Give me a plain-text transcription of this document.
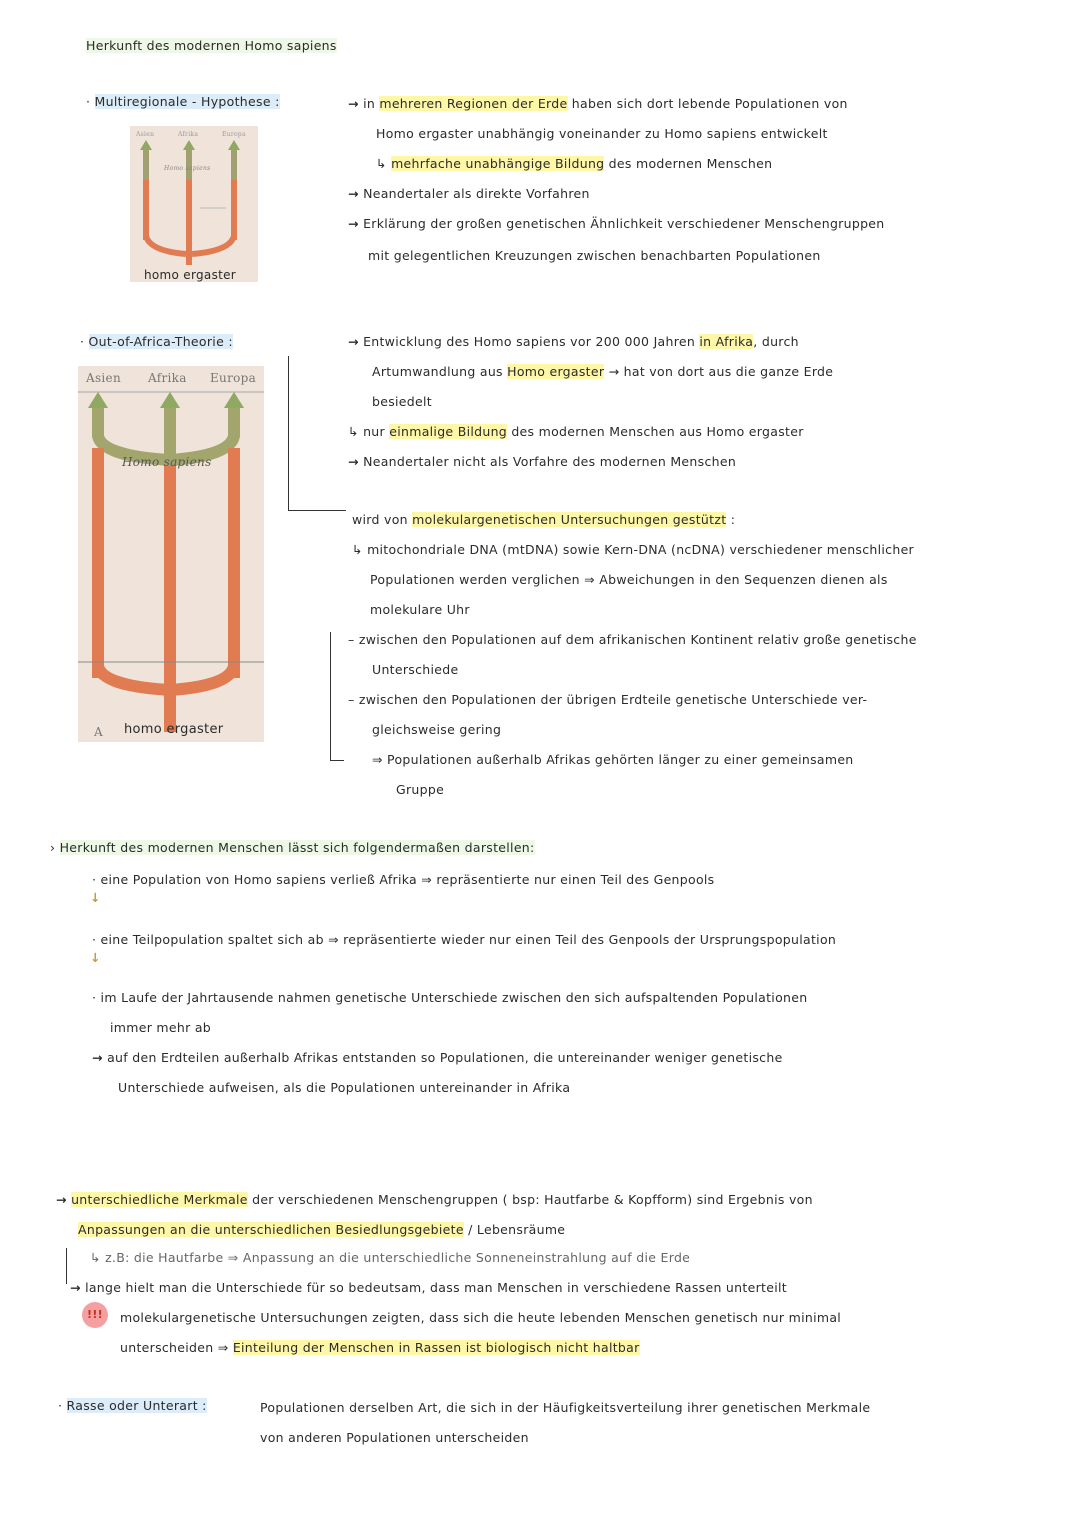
Herkunft des modernen Homo sapiens
· Multiregionale - Hypothese :
Asien	Afrika	Europa
Homo sapiens
homo ergaster
→ in mehreren Regionen der Erde haben sich dort lebende Populationen von
Homo ergaster unabhängig voneinander zu Homo sapiens entwickelt
↳ mehrfache unabhängige Bildung des modernen Menschen
→ Neandertaler als direkte Vorfahren
→ Erklärung der großen genetischen Ähnlichkeit verschiedener Menschengruppen
mit gelegentlichen Kreuzungen zwischen benachbarten Populationen
· Out-of-Africa-Theorie :
Asien Afrika Europa
Homo sapiens
A homo ergaster
→ Entwicklung des Homo sapiens vor 200 000 Jahren in Afrika, durch
Artumwandlung aus Homo ergaster → hat von dort aus die ganze Erde
besiedelt
↳ nur einmalige Bildung des modernen Menschen aus Homo ergaster
→ Neandertaler nicht als Vorfahre des modernen Menschen
wird von molekulargenetischen Untersuchungen gestützt :
↳ mitochondriale DNA (mtDNA) sowie Kern-DNA (ncDNA) verschiedener menschlicher
Populationen werden verglichen ⇒ Abweichungen in den Sequenzen dienen als
molekulare Uhr
– zwischen den Populationen auf dem afrikanischen Kontinent relativ große genetische
Unterschiede
– zwischen den Populationen der übrigen Erdteile genetische Unterschiede ver-
gleichsweise gering
⇒ Populationen außerhalb Afrikas gehörten länger zu einer gemeinsamen
Gruppe
› Herkunft des modernen Menschen lässt sich folgendermaßen darstellen:
· eine Population von Homo sapiens verließ Afrika ⇒ repräsentierte nur einen Teil des Genpools
↓
· eine Teilpopulation spaltet sich ab ⇒ repräsentierte wieder nur einen Teil des Genpools der Ursprungspopulation
↓
· im Laufe der Jahrtausende nahmen genetische Unterschiede zwischen den sich aufspaltenden Populationen
immer mehr ab
→ auf den Erdteilen außerhalb Afrikas entstanden so Populationen, die untereinander weniger genetische
Unterschiede aufweisen, als die Populationen untereinander in Afrika
→ unterschiedliche Merkmale der verschiedenen Menschengruppen ( bsp: Hautfarbe & Kopfform) sind Ergebnis von
Anpassungen an die unterschiedlichen Besiedlungsgebiete / Lebensräume
↳ z.B: die Hautfarbe ⇒ Anpassung an die unterschiedliche Sonneneinstrahlung auf die Erde
→ lange hielt man die Unterschiede für so bedeutsam, dass man Menschen in verschiedene Rassen unterteilt
!!!	molekulargenetische Untersuchungen zeigten, dass sich die heute lebenden Menschen genetisch nur minimal
unterscheiden ⇒ Einteilung der Menschen in Rassen ist biologisch nicht haltbar
· Rasse oder Unterart :	Populationen derselben Art, die sich in der Häufigkeitsverteilung ihrer genetischen Merkmale
von anderen Populationen unterscheiden
